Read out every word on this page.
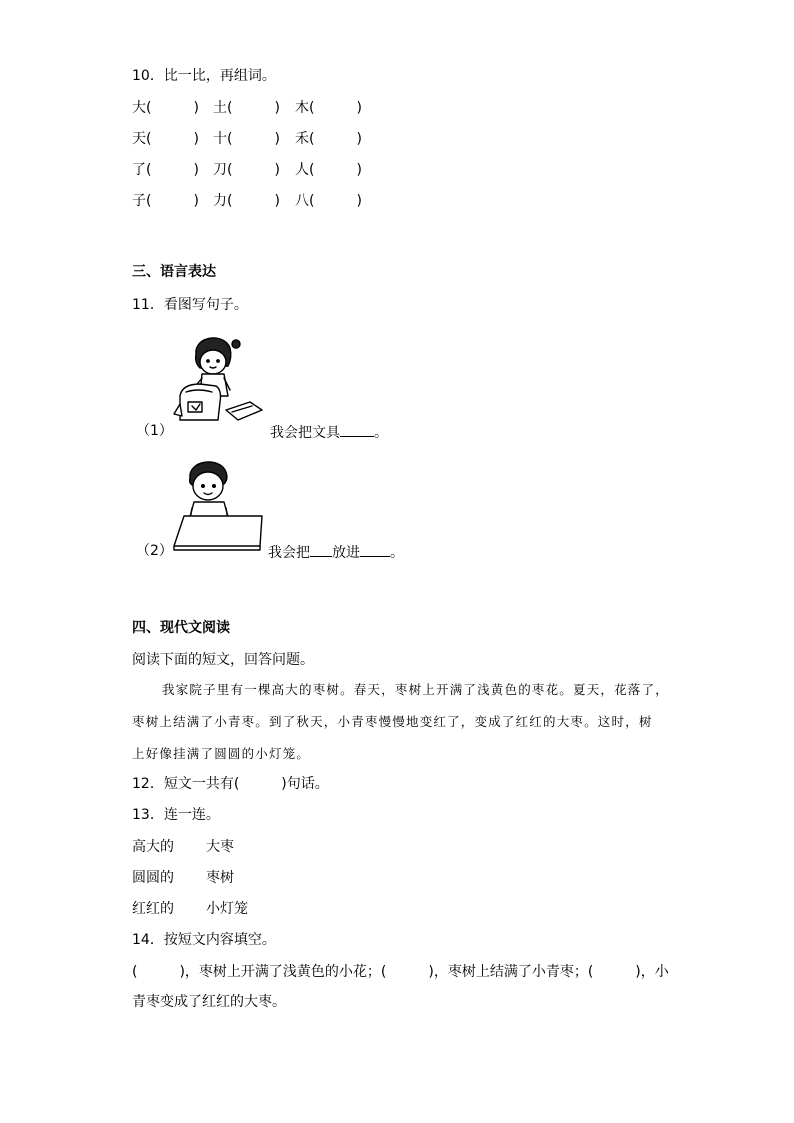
10．比一比，再组词。
大(　　　) 土(　　　) 木(　　　)
天(　　　) 十(　　　) 禾(　　　)
了(　　　) 刀(　　　) 人(　　　)
子(　　　) 力(　　　) 八(　　　)
三、语言表达
11．看图写句子。
（1）	我会把文具 。
（2）	我会把 放进 。
四、现代文阅读
阅读下面的短文，回答问题。
我家院子里有一棵高大的枣树。春天，枣树上开满了浅黄色的枣花。夏天，花落了，
枣树上结满了小青枣。到了秋天，小青枣慢慢地变红了，变成了红红的大枣。这时，树
上好像挂满了圆圆的小灯笼。
12．短文一共有(　　　)句话。
13．连一连。
高大的 大枣
圆圆的 枣树
红红的 小灯笼
14．按短文内容填空。
(　　　)，枣树上开满了浅黄色的小花；(　　　)，枣树上结满了小青枣；(　　　)，小
青枣变成了红红的大枣。
